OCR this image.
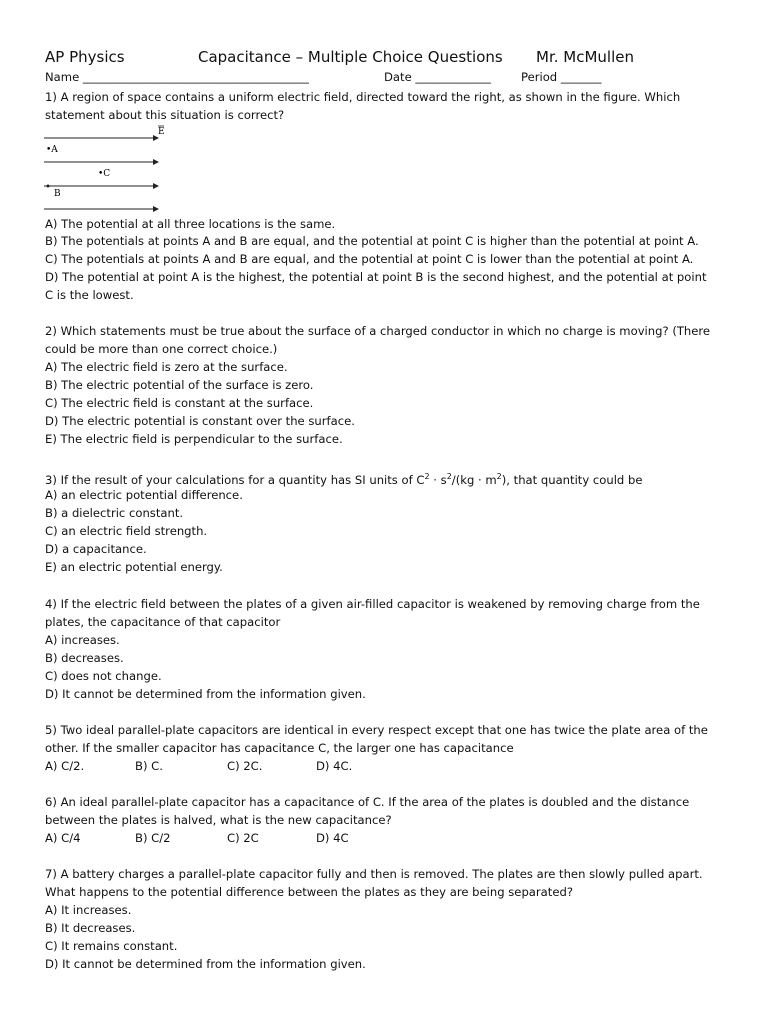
AP Physics	Capacitance – Multiple Choice Questions Mr. McMullen
Name _______________________________________	Date _____________	Period _______
1) A region of space contains a uniform electric field, directed toward the right, as shown in the figure. Which
statement about this situation is correct?
E
•A
•C
B
A) The potential at all three locations is the same.
B) The potentials at points A and B are equal, and the potential at point C is higher than the potential at point A.
C) The potentials at points A and B are equal, and the potential at point C is lower than the potential at point A.
D) The potential at point A is the highest, the potential at point B is the second highest, and the potential at point
C is the lowest.
2) Which statements must be true about the surface of a charged conductor in which no charge is moving? (There
could be more than one correct choice.)
A) The electric field is zero at the surface.
B) The electric potential of the surface is zero.
C) The electric field is constant at the surface.
D) The electric potential is constant over the surface.
E) The electric field is perpendicular to the surface.
3) If the result of your calculations for a quantity has SI units of $C^2 \cdot s^2/(kg \cdot m^2)$, that quantity could be
A) an electric potential difference.
B) a dielectric constant.
C) an electric field strength.
D) a capacitance.
E) an electric potential energy.
4) If the electric field between the plates of a given air-filled capacitor is weakened by removing charge from the
plates, the capacitance of that capacitor
A) increases.
B) decreases.
C) does not change.
D) It cannot be determined from the information given.
5) Two ideal parallel-plate capacitors are identical in every respect except that one has twice the plate area of the
other. If the smaller capacitor has capacitance C, the larger one has capacitance
A) C/2.	B) C.	C) 2C.	D) 4C.
6) An ideal parallel-plate capacitor has a capacitance of C. If the area of the plates is doubled and the distance
between the plates is halved, what is the new capacitance?
A) C/4	B) C/2	C) 2C	D) 4C
7) A battery charges a parallel-plate capacitor fully and then is removed. The plates are then slowly pulled apart.
What happens to the potential difference between the plates as they are being separated?
A) It increases.
B) It decreases.
C) It remains constant.
D) It cannot be determined from the information given.
